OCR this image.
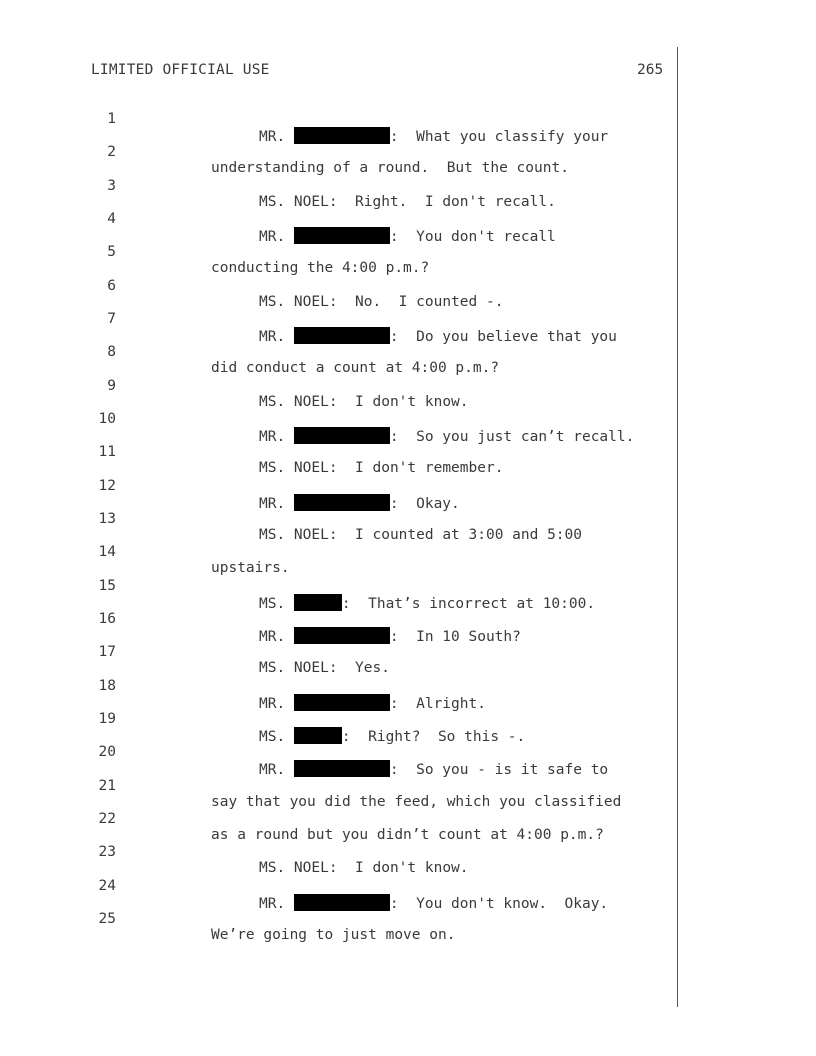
LIMITED OFFICIAL USE	265

1

MR.	:  What you classify your

2

understanding of a round.  But the count.

3

MS. NOEL:  Right.  I don't recall.

4

MR.	:  You don't recall

5

conducting the 4:00 p.m.?

6

MS. NOEL:  No.  I counted -.

7

MR.	:  Do you believe that you

8

did conduct a count at 4:00 p.m.?

9

MS. NOEL:  I don't know.

10

MR.	:  So you just can’t recall.

11

MS. NOEL:  I don't remember.

12

MR.	:  Okay.

13

MS. NOEL:  I counted at 3:00 and 5:00

14

upstairs.

15

MS.	:  That’s incorrect at 10:00.

16

MR.	:  In 10 South?

17

MS. NOEL:  Yes.

18

MR.	:  Alright.

19

MS.	:  Right?  So this -.

20

MR.	:  So you - is it safe to

21

say that you did the feed, which you classified

22

as a round but you didn’t count at 4:00 p.m.?

23

MS. NOEL:  I don't know.

24

MR.	:  You don't know.  Okay.

25

We’re going to just move on.
